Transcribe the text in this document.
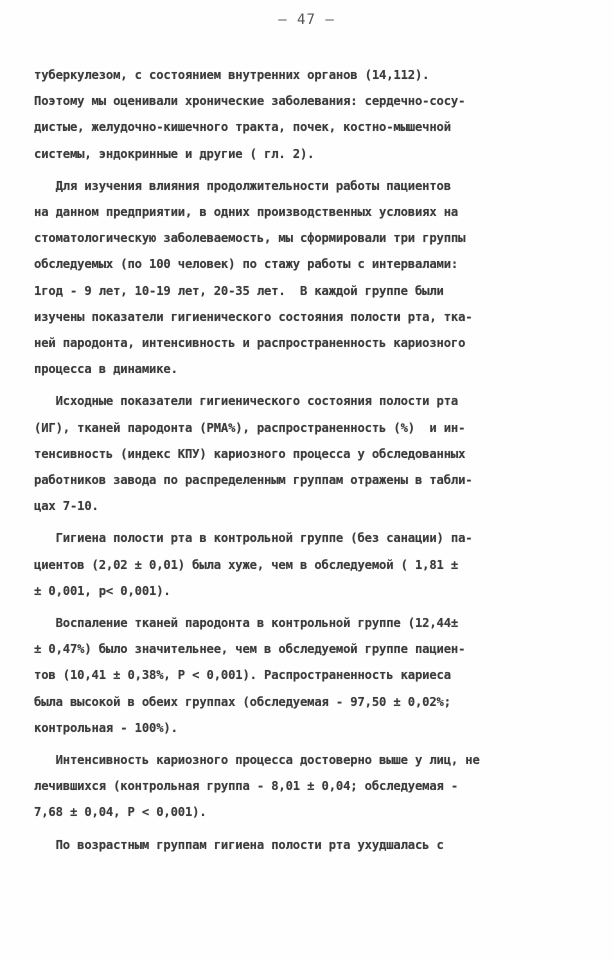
– 47 –
туберкулезом, с состоянием внутренних органов (14,112).
Поэтому мы оценивали хронические заболевания: сердечно-сосу-
дистые, желудочно-кишечного тракта, почек, костно-мышечной
системы, эндокринные и другие ( гл. 2).
Для изучения влияния продолжительности работы пациентов
на данном предприятии, в одних производственных условиях на
стоматологическую заболеваемость, мы сформировали три группы
обследуемых (по 100 человек) по стажу работы с интервалами:
1год - 9 лет, 10-19 лет, 20-35 лет.  В каждой группе были
изучены показатели гигиенического состояния полости рта, тка-
ней пародонта, интенсивность и распространенность кариозного
процесса в динамике.
Исходные показатели гигиенического состояния полости рта
(ИГ), тканей пародонта (РМА%), распространенность (%)  и ин-
тенсивность (индекс КПУ) кариозного процесса у обследованных
работников завода по распределенным группам отражены в табли-
цах 7-10.
Гигиена полости рта в контрольной группе (без санации) па-
циентов (2,02 ± 0,01) была хуже, чем в обследуемой ( 1,81 ±
± 0,001, р< 0,001).
Воспаление тканей пародонта в контрольной группе (12,44±
± 0,47%) было значительнее, чем в обследуемой группе пациен-
тов (10,41 ± 0,38%, Р < 0,001). Распространенность кариеса
была высокой в обеих группах (обследуемая - 97,50 ± 0,02%;
контрольная - 100%).
Интенсивность кариозного процесса достоверно выше у лиц, не
лечившихся (контрольная группа - 8,01 ± 0,04; обследуемая -
7,68 ± 0,04, Р < 0,001).
По возрастным группам гигиена полости рта ухудшалась с
